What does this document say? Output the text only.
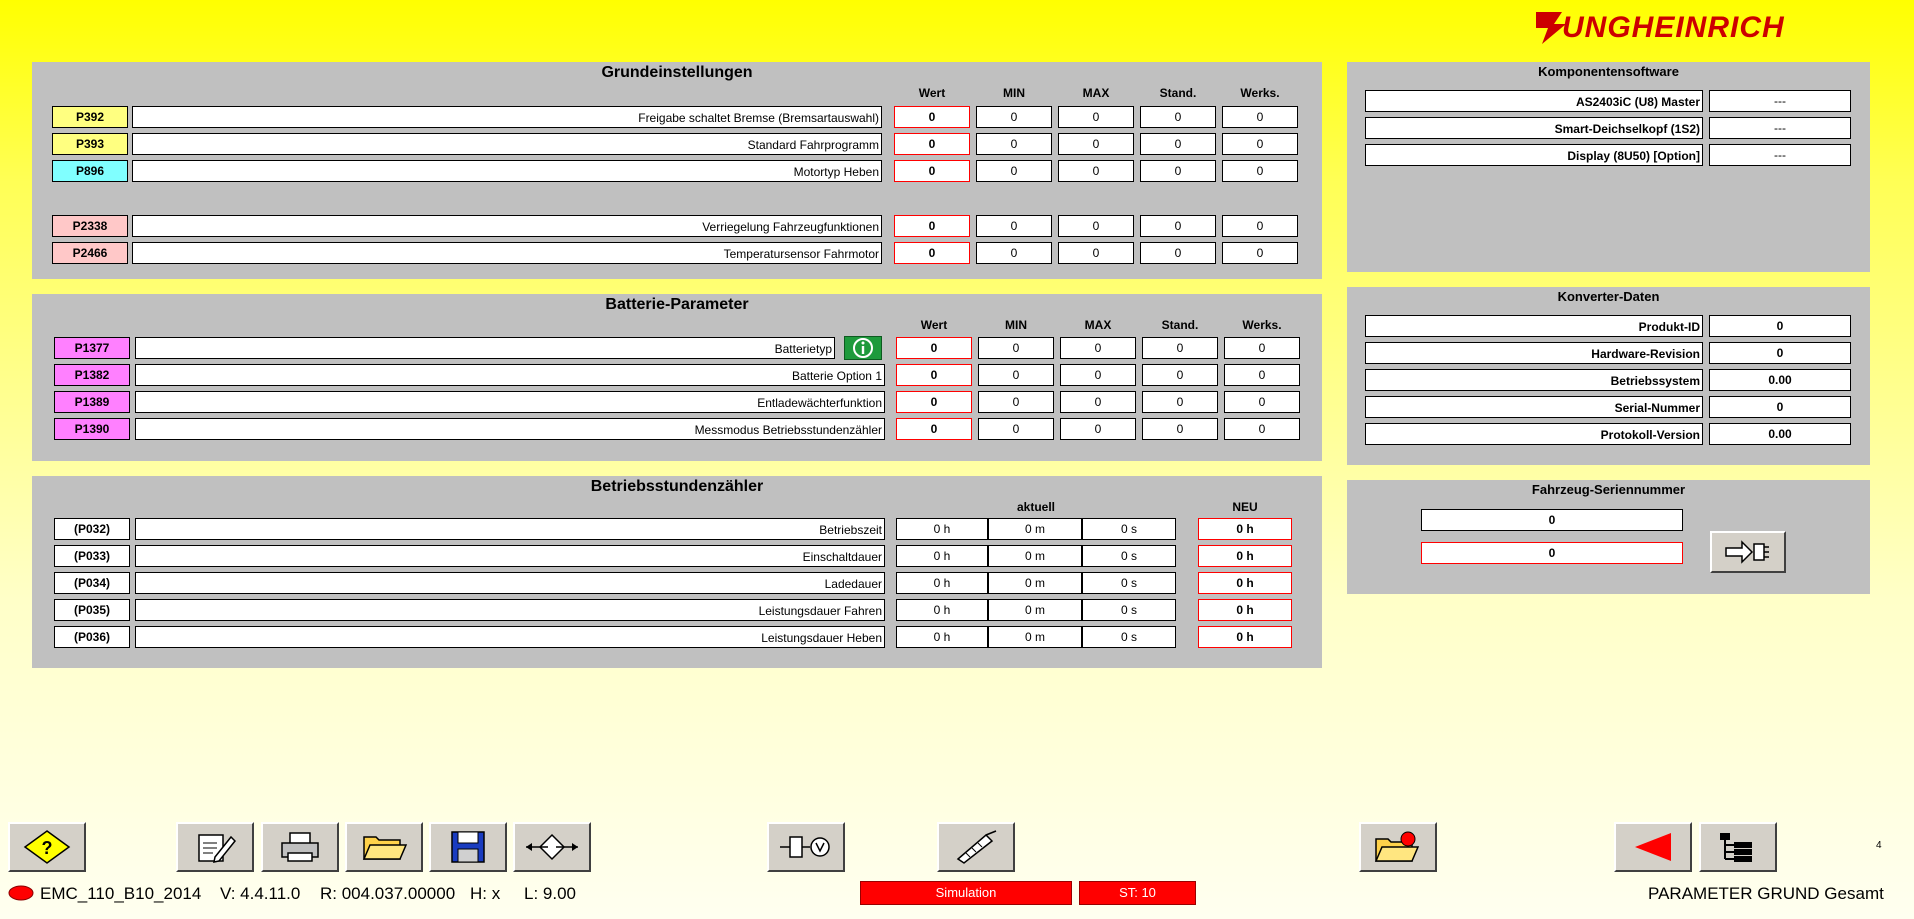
UNGHEINRICH
Grundeinstellungen
Wert	MIN	MAX	Stand.	Werks.
P392	Freigabe schaltet Bremse (Bremsartauswahl)	0	0	0	0	0
P393	Standard Fahrprogramm	0	0	0	0	0
P896	Motortyp Heben	0	0	0	0	0
P2338	Verriegelung Fahrzeugfunktionen	0	0	0	0	0
P2466	Temperatursensor Fahrmotor	0	0	0	0	0
Batterie-Parameter
Wert	MIN	MAX	Stand.	Werks.
P1377	Batterietyp	0	0	0	0	0
P1382	Batterie Option 1	0	0	0	0	0
P1389	Entladewächterfunktion	0	0	0	0	0
P1390	Messmodus Betriebsstundenzähler	0	0	0	0	0
Betriebsstundenzähler
aktuell	NEU
(P032)	Betriebszeit	0 h	0 m	0 s	0 h
(P033)	Einschaltdauer	0 h	0 m	0 s	0 h
(P034)	Ladedauer	0 h	0 m	0 s	0 h
(P035)	Leistungsdauer Fahren	0 h	0 m	0 s	0 h
(P036)	Leistungsdauer Heben	0 h	0 m	0 s	0 h
Komponentensoftware
AS2403iC (U8) Master	---
Smart-Deichselkopf (1S2)	---
Display (8U50) [Option]	---
Konverter-Daten
Produkt-ID	0
Hardware-Revision	0
Betriebssystem	0.00
Serial-Nummer	0
Protokoll-Version	0.00
Fahrzeug-Seriennummer
0
0
?	4
EMC_110_B10_2014 V: 4.4.11.0 R: 004.037.00000 H: x L: 9.00	Simulation	ST: 10	PARAMETER GRUND Gesamt
